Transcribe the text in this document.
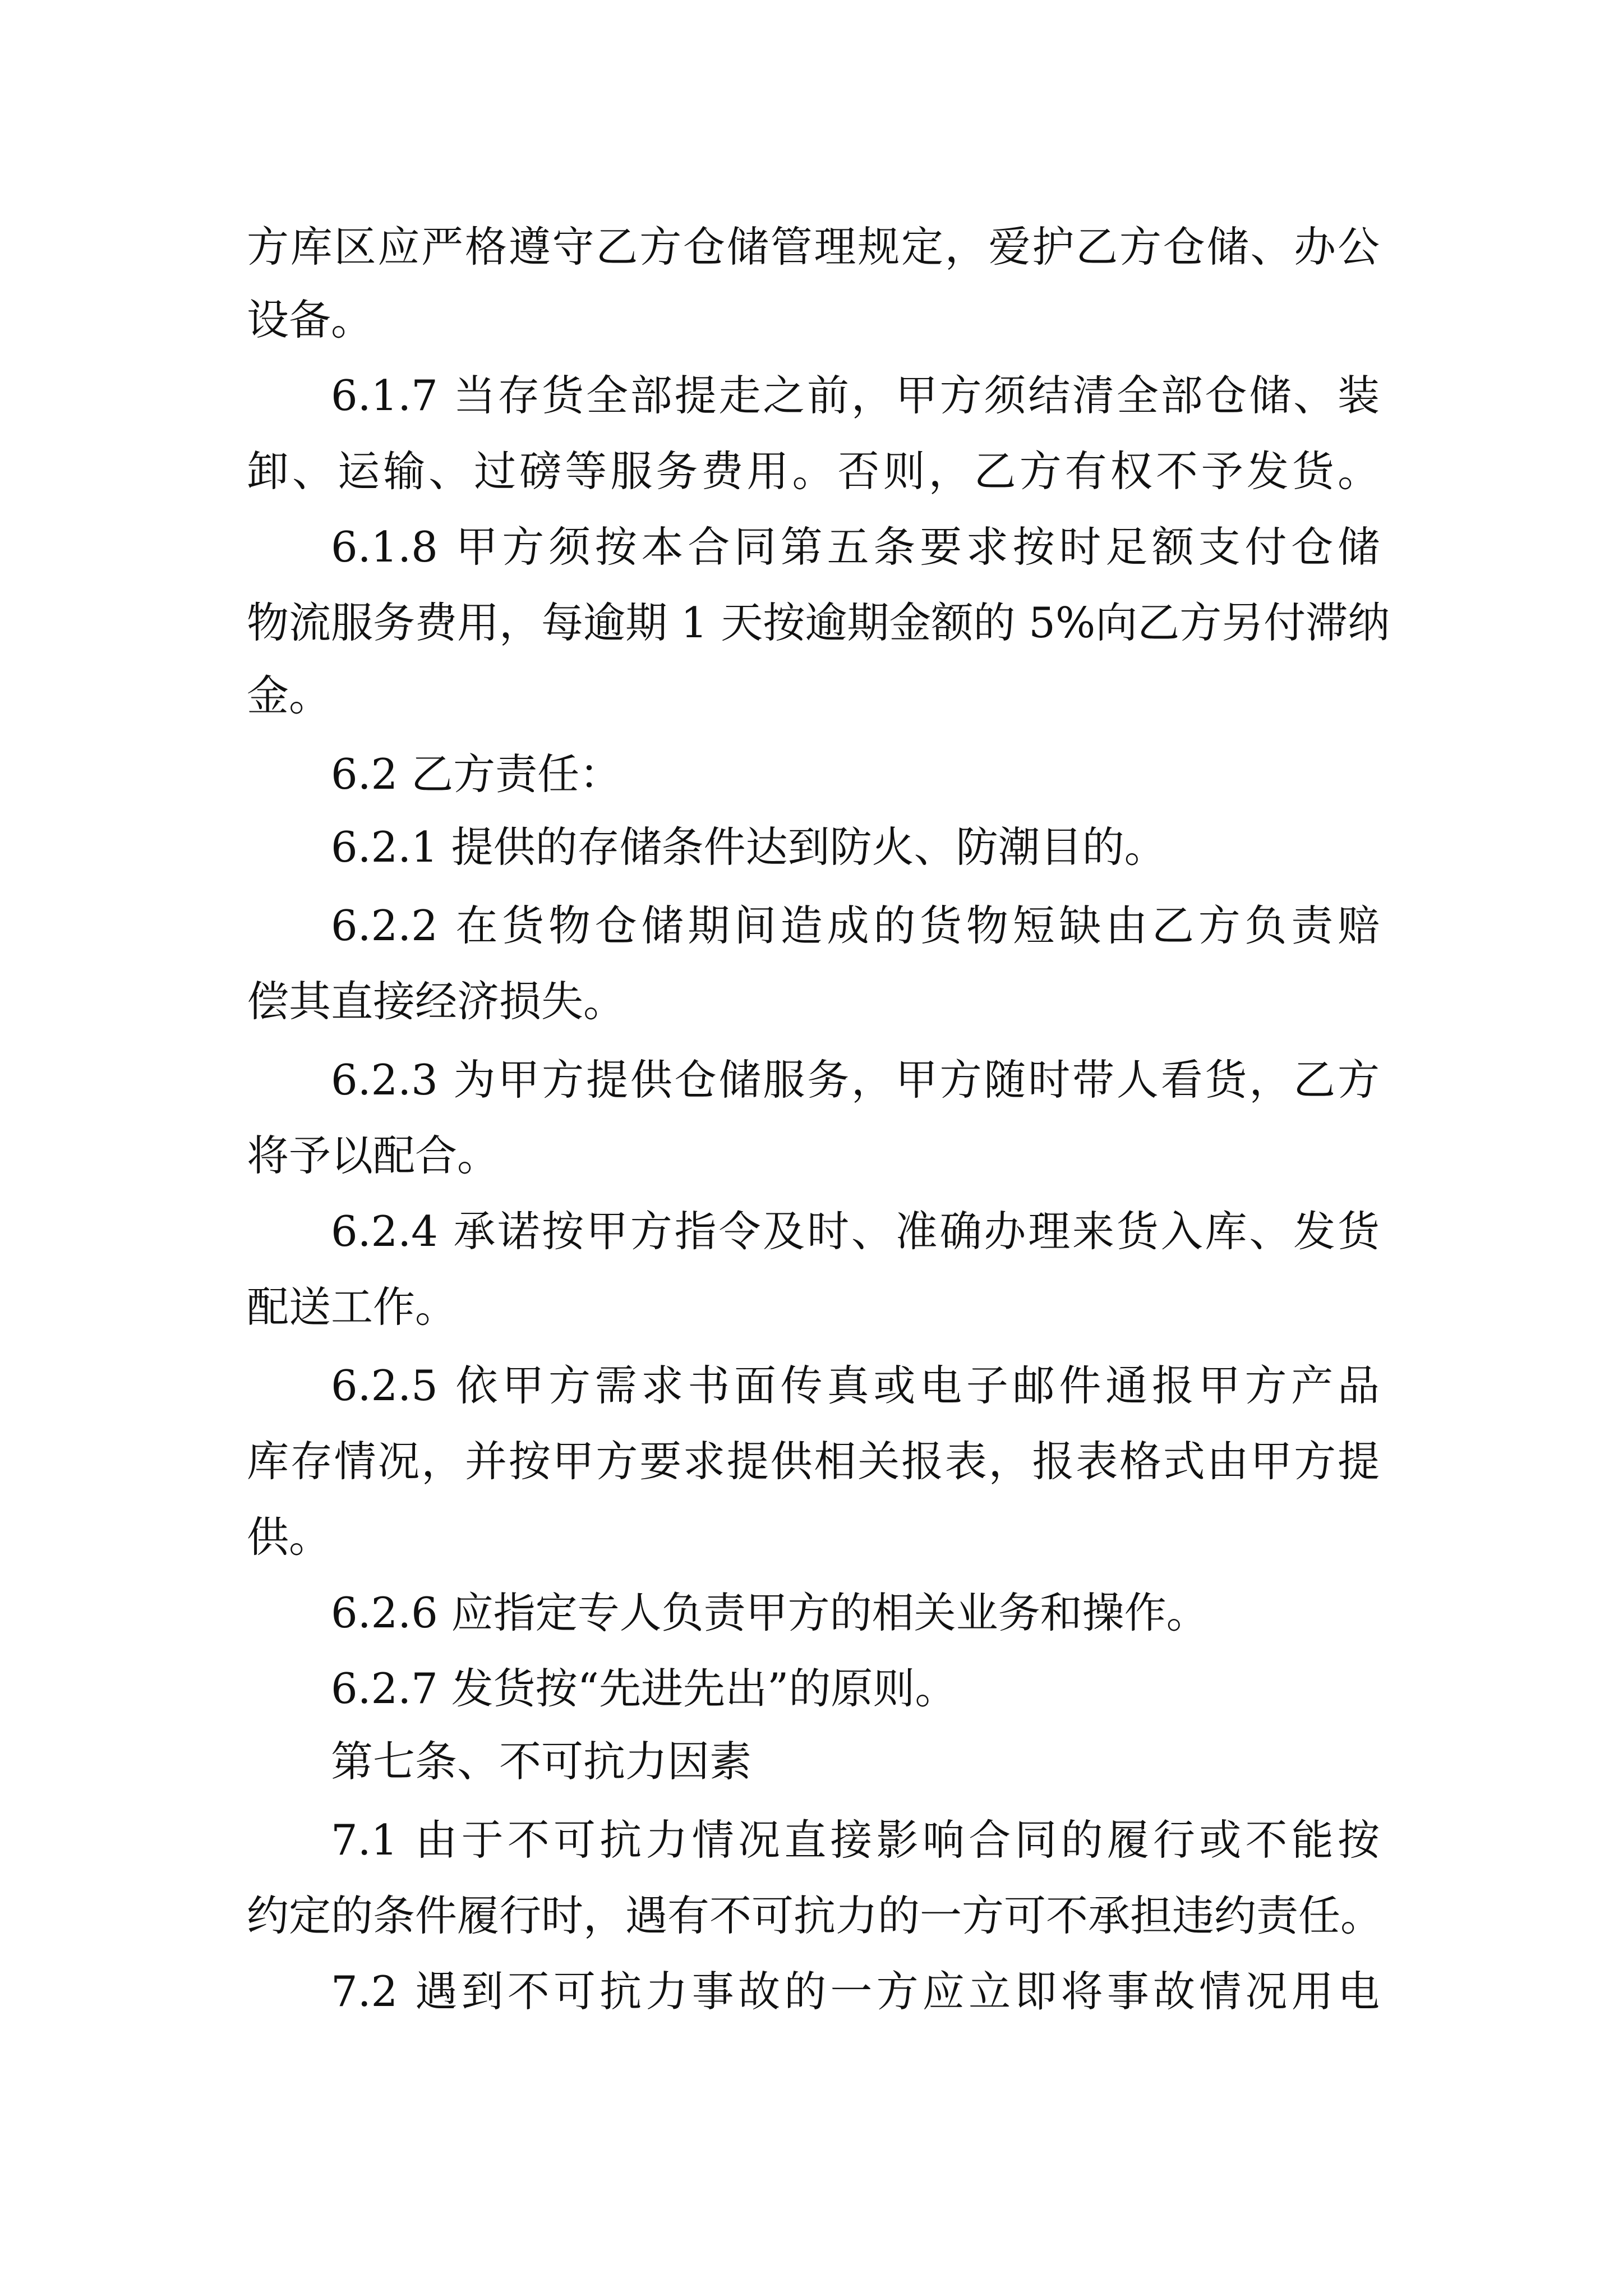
方库区应严格遵守乙方仓储管理规定，爱护乙方仓储、办公

设备。

6.1.7 当存货全部提走之前，甲方须结清全部仓储、装

卸、运输、过磅等服务费用。否则，乙方有权不予发货。

6.1.8 甲方须按本合同第五条要求按时足额支付仓储

物流服务费用，每逾期 1 天按逾期金额的 5%向乙方另付滞纳

金。

6.2 乙方责任：

6.2.1 提供的存储条件达到防火、防潮目的。

6.2.2 在货物仓储期间造成的货物短缺由乙方负责赔

偿其直接经济损失。

6.2.3 为甲方提供仓储服务，甲方随时带人看货，乙方

将予以配合。

6.2.4 承诺按甲方指令及时、准确办理来货入库、发货

配送工作。

6.2.5 依甲方需求书面传真或电子邮件通报甲方产品

库存情况，并按甲方要求提供相关报表，报表格式由甲方提

供。

6.2.6 应指定专人负责甲方的相关业务和操作。

6.2.7 发货按“先进先出”的原则。

第七条、不可抗力因素

7.1 由于不可抗力情况直接影响合同的履行或不能按

约定的条件履行时，遇有不可抗力的一方可不承担违约责任。

7.2 遇到不可抗力事故的一方应立即将事故情况用电
